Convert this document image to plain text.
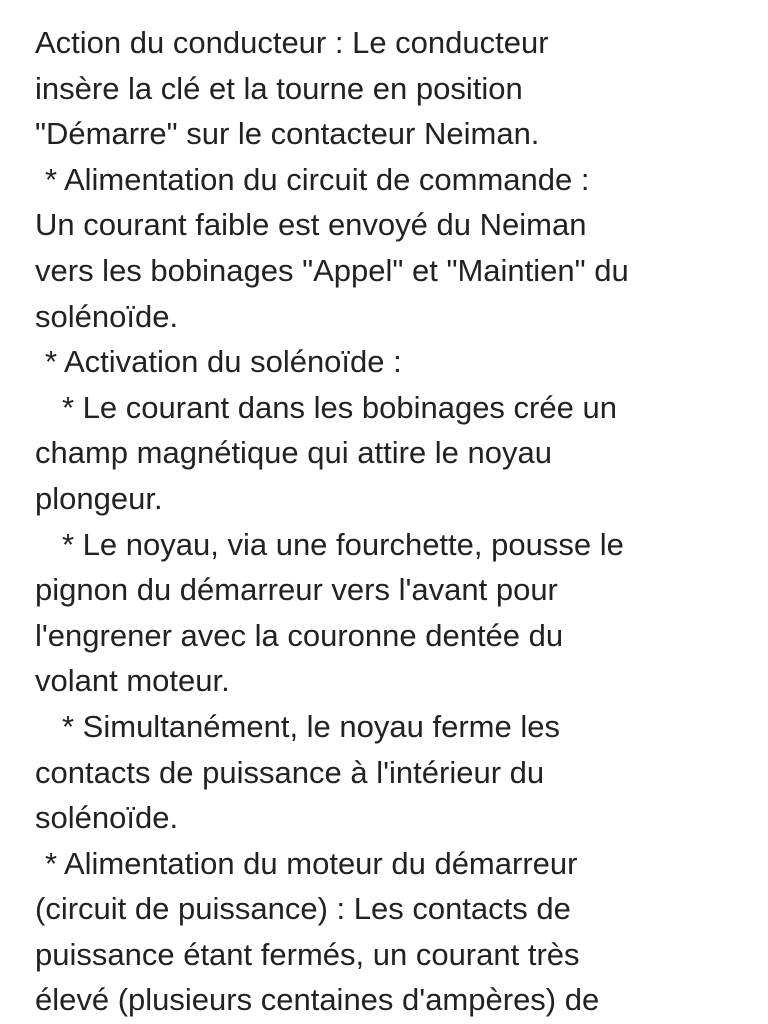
Action du conducteur : Le conducteur
insère la clé et la tourne en position
"Démarre" sur le contacteur Neiman.
* Alimentation du circuit de commande :
Un courant faible est envoyé du Neiman
vers les bobinages "Appel" et "Maintien" du
solénoïde.
* Activation du solénoïde :
* Le courant dans les bobinages crée un
champ magnétique qui attire le noyau
plongeur.
* Le noyau, via une fourchette, pousse le
pignon du démarreur vers l'avant pour
l'engrener avec la couronne dentée du
volant moteur.
* Simultanément, le noyau ferme les
contacts de puissance à l'intérieur du
solénoïde.
* Alimentation du moteur du démarreur
(circuit de puissance) : Les contacts de
puissance étant fermés, un courant très
élevé (plusieurs centaines d'ampères) de
